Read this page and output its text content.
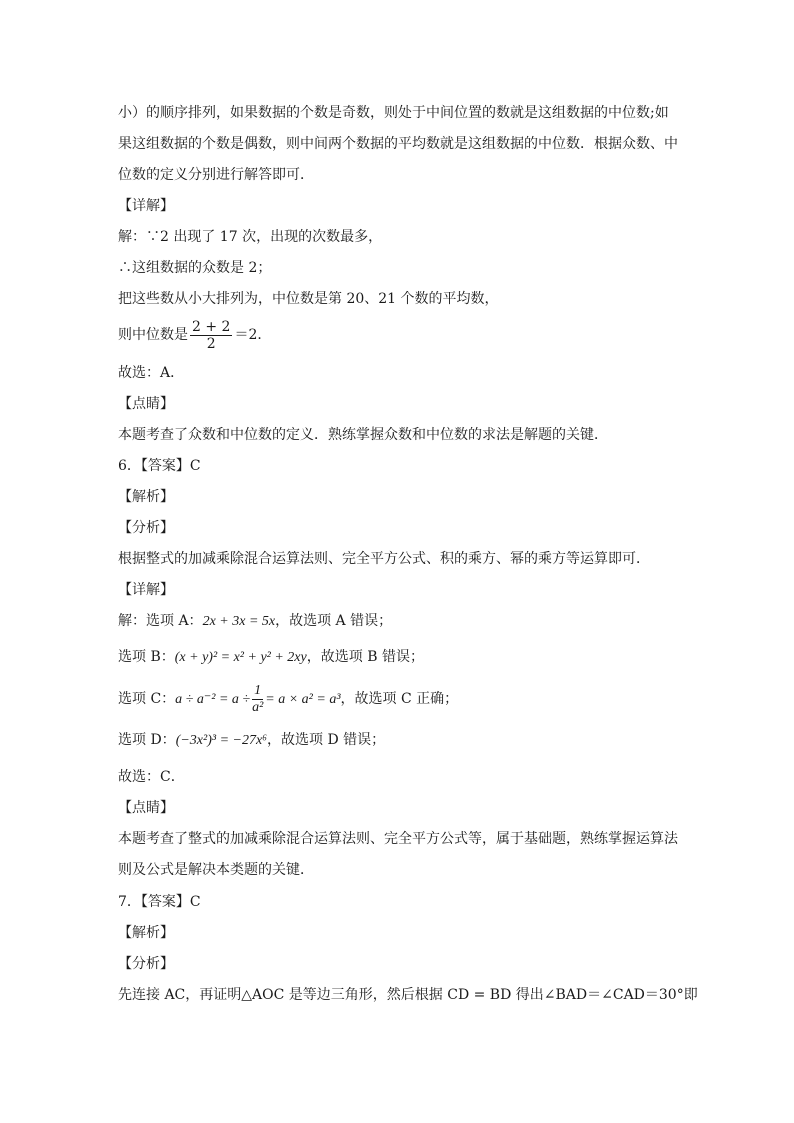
小）的顺序排列，如果数据的个数是奇数，则处于中间位置的数就是这组数据的中位数;如
果这组数据的个数是偶数，则中间两个数据的平均数就是这组数据的中位数．根据众数、中
位数的定义分别进行解答即可．
【详解】
解：∵2 出现了 17 次，出现的次数最多，
∴这组数据的众数是 2；
把这些数从小大排列为，中位数是第 20、21 个数的平均数，
则中位数是 $\frac{2 + 2}{2} =2$．
故选：A．
【点睛】
本题考查了众数和中位数的定义．熟练掌握众数和中位数的求法是解题的关键．
6．【答案】C
【解析】
【分析】
根据整式的加减乘除混合运算法则、完全平方公式、积的乘方、幂的乘方等运算即可．
【详解】
解：选项 A：2x + 3x = 5x，故选项 A 错误；
选项 B：(x + y)² = x² + y² + 2xy，故选项 B 错误；
选项 C：$a \div a^{-2} = a \div \frac{1}{\text{a²}} = a \times a^2 = a^3$，故选项 C 正确；
选项 D：(−3x²)³ = −27x⁶，故选项 D 错误；
故选：C．
【点睛】
本题考查了整式的加减乘除混合运算法则、完全平方公式等，属于基础题，熟练掌握运算法
则及公式是解决本类题的关键．
7．【答案】C
【解析】
【分析】
先连接 AC，再证明△AOC 是等边三角形，然后根据 CD = BD 得出∠BAD＝∠CAD＝30°即
